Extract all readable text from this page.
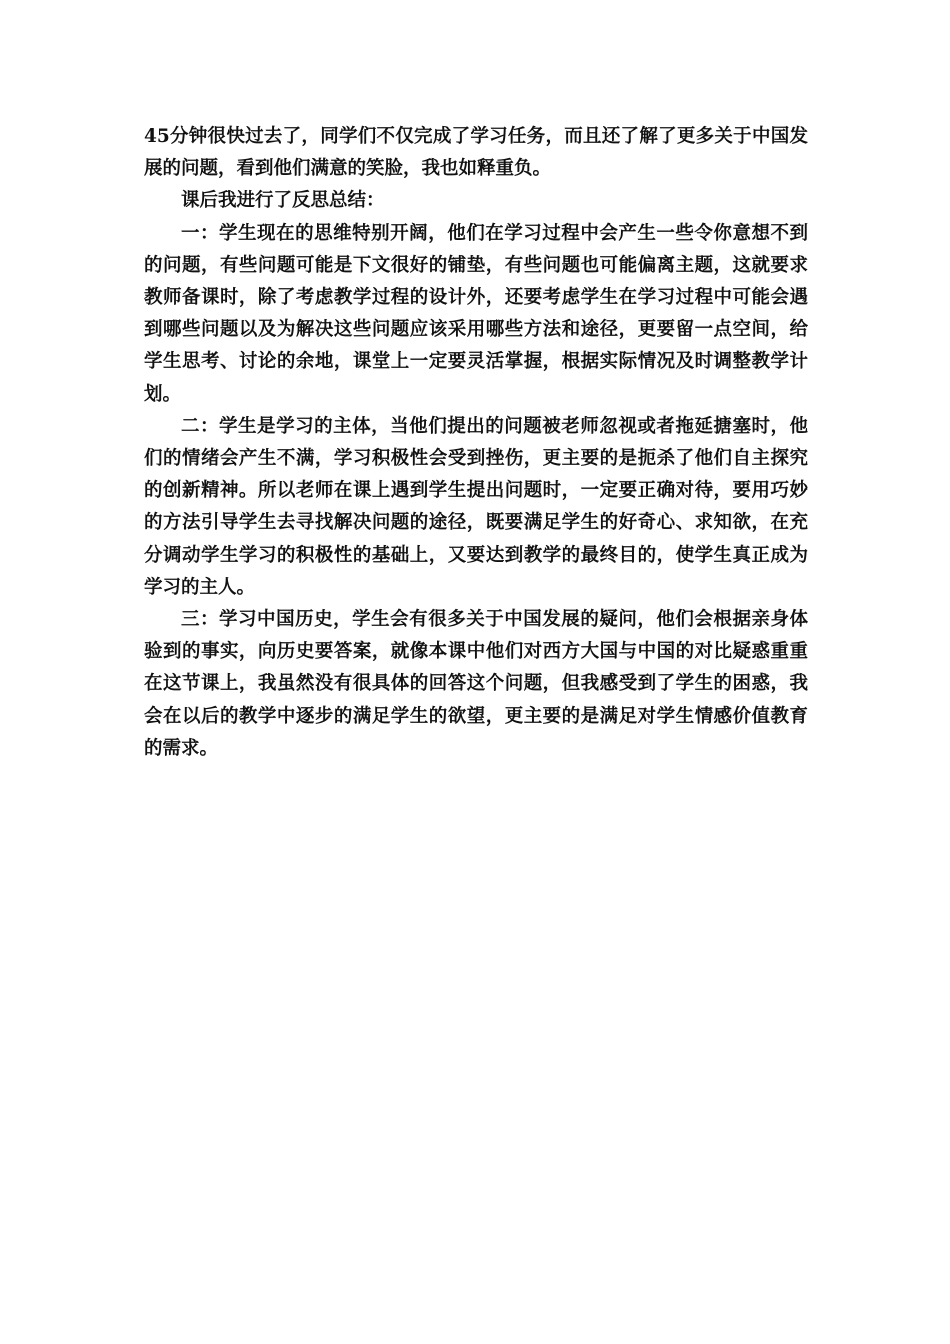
45分钟很快过去了，同学们不仅完成了学习任务，而且还了解了更多关于中国发展的问题，看到他们满意的笑脸，我也如释重负。

课后我进行了反思总结：

一：学生现在的思维特别开阔，他们在学习过程中会产生一些令你意想不到的问题，有些问题可能是下文很好的铺垫，有些问题也可能偏离主题，这就要求教师备课时，除了考虑教学过程的设计外，还要考虑学生在学习过程中可能会遇到哪些问题以及为解决这些问题应该采用哪些方法和途径，更要留一点空间，给学生思考、讨论的余地，课堂上一定要灵活掌握，根据实际情况及时调整教学计划。

二：学生是学习的主体，当他们提出的问题被老师忽视或者拖延搪塞时，他们的情绪会产生不满，学习积极性会受到挫伤，更主要的是扼杀了他们自主探究的创新精神。所以老师在课上遇到学生提出问题时，一定要正确对待，要用巧妙的方法引导学生去寻找解决问题的途径，既要满足学生的好奇心、求知欲，在充分调动学生学习的积极性的基础上，又要达到教学的最终目的，使学生真正成为学习的主人。

三：学习中国历史，学生会有很多关于中国发展的疑问，他们会根据亲身体验到的事实，向历史要答案，就像本课中他们对西方大国与中国的对比疑惑重重在这节课上，我虽然没有很具体的回答这个问题，但我感受到了学生的困惑，我会在以后的教学中逐步的满足学生的欲望，更主要的是满足对学生情感价值教育的需求。
